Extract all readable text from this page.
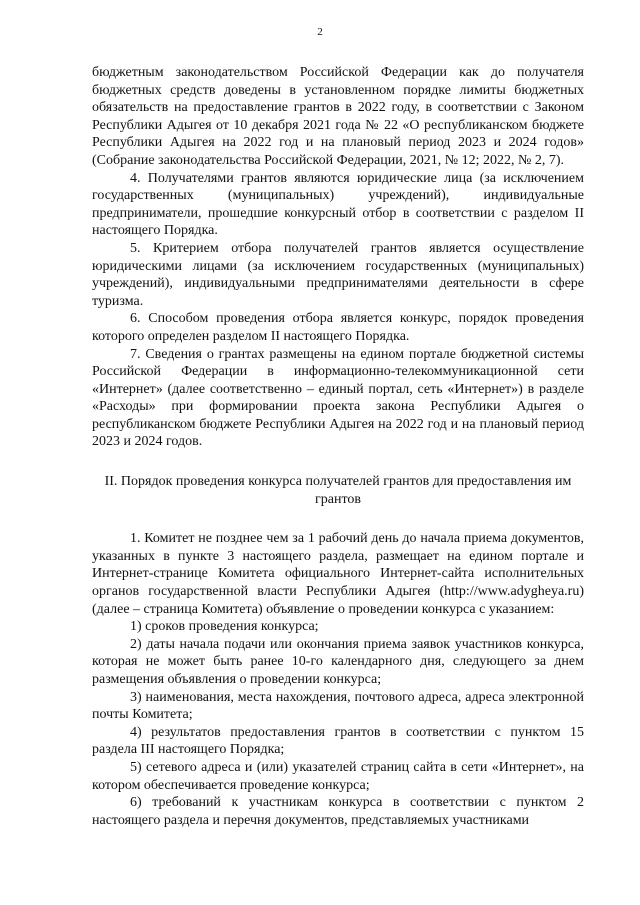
2

бюджетным законодательством Российской Федерации как до получателя бюджетных средств доведены в установленном порядке лимиты бюджетных обязательств на предоставление грантов в 2022 году, в соответствии с Законом Республики Адыгея от 10 декабря 2021 года № 22 «О республиканском бюджете Республики Адыгея на 2022 год и на плановый период 2023 и 2024 годов» (Собрание законодательства Российской Федерации, 2021, № 12; 2022, № 2, 7).

4. Получателями грантов являются юридические лица (за исключением государственных (муниципальных) учреждений), индивидуальные предприниматели, прошедшие конкурсный отбор в соответствии с разделом II настоящего Порядка.

5. Критерием отбора получателей грантов является осуществление юридическими лицами (за исключением государственных (муниципальных) учреждений), индивидуальными предпринимателями деятельности в сфере туризма.

6. Способом проведения отбора является конкурс, порядок проведения которого определен разделом II настоящего Порядка.

7. Сведения о грантах размещены на едином портале бюджетной системы Российской Федерации в информационно-телекоммуникационной сети «Интернет» (далее соответственно – единый портал, сеть «Интернет») в разделе «Расходы» при формировании проекта закона Республики Адыгея о республиканском бюджете Республики Адыгея на 2022 год и на плановый период 2023 и 2024 годов.

II. Порядок проведения конкурса получателей грантов для предоставления им грантов

1. Комитет не позднее чем за 1 рабочий день до начала приема документов, указанных в пункте 3 настоящего раздела, размещает на едином портале и Интернет-странице Комитета официального Интернет-сайта исполнительных органов государственной власти Республики Адыгея (http://www.adygheya.ru) (далее – страница Комитета) объявление о проведении конкурса с указанием:

1) сроков проведения конкурса;

2) даты начала подачи или окончания приема заявок участников конкурса, которая не может быть ранее 10-го календарного дня, следующего за днем размещения объявления о проведении конкурса;

3) наименования, места нахождения, почтового адреса, адреса электронной почты Комитета;

4) результатов предоставления грантов в соответствии с пунктом 15 раздела III настоящего Порядка;

5) сетевого адреса и (или) указателей страниц сайта в сети «Интернет», на котором обеспечивается проведение конкурса;

6) требований к участникам конкурса в соответствии с пунктом 2 настоящего раздела и перечня документов, представляемых участниками
